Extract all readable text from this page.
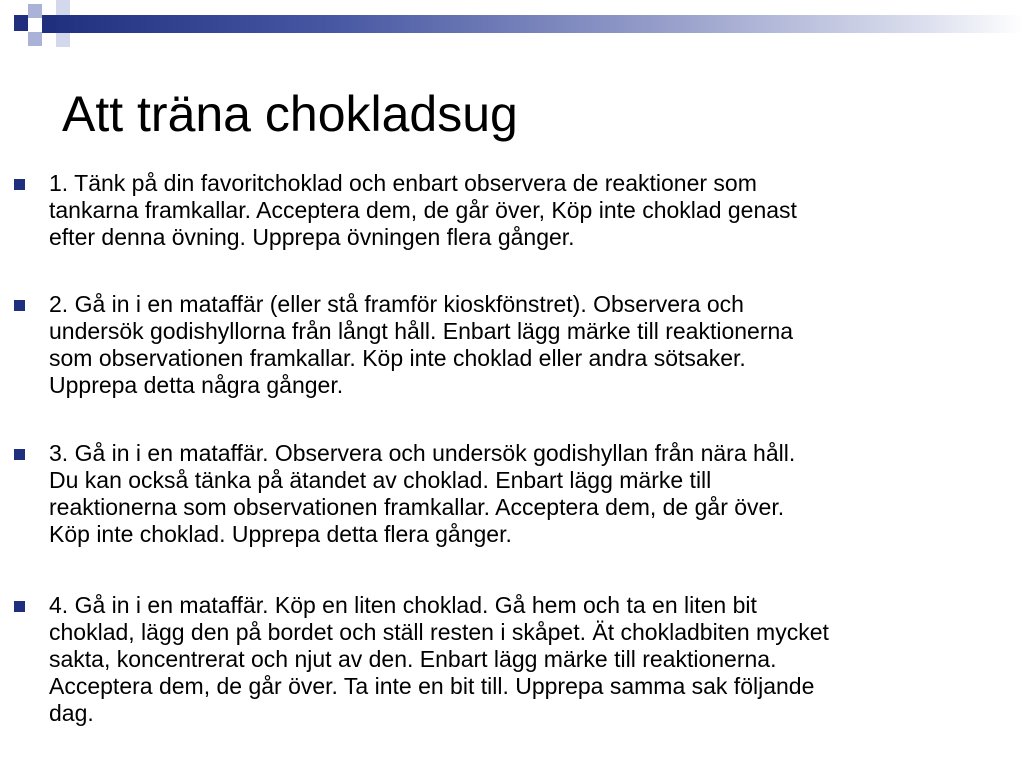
Att träna chokladsug
1. Tänk på din favoritchoklad och enbart observera de reaktioner som
tankarna framkallar. Acceptera dem, de går över, Köp inte choklad genast
efter denna övning. Upprepa övningen flera gånger.
2. Gå in i en mataffär (eller stå framför kioskfönstret). Observera och
undersök godishyllorna från långt håll. Enbart lägg märke till reaktionerna
som observationen framkallar. Köp inte choklad eller andra sötsaker.
Upprepa detta några gånger.
3. Gå in i en mataffär. Observera och undersök godishyllan från nära håll.
Du kan också tänka på ätandet av choklad. Enbart lägg märke till
reaktionerna som observationen framkallar. Acceptera dem, de går över.
Köp inte choklad. Upprepa detta flera gånger.
4. Gå in i en mataffär. Köp en liten choklad. Gå hem och ta en liten bit
choklad, lägg den på bordet och ställ resten i skåpet. Ät chokladbiten mycket
sakta, koncentrerat och njut av den. Enbart lägg märke till reaktionerna.
Acceptera dem, de går över. Ta inte en bit till. Upprepa samma sak följande
dag.
